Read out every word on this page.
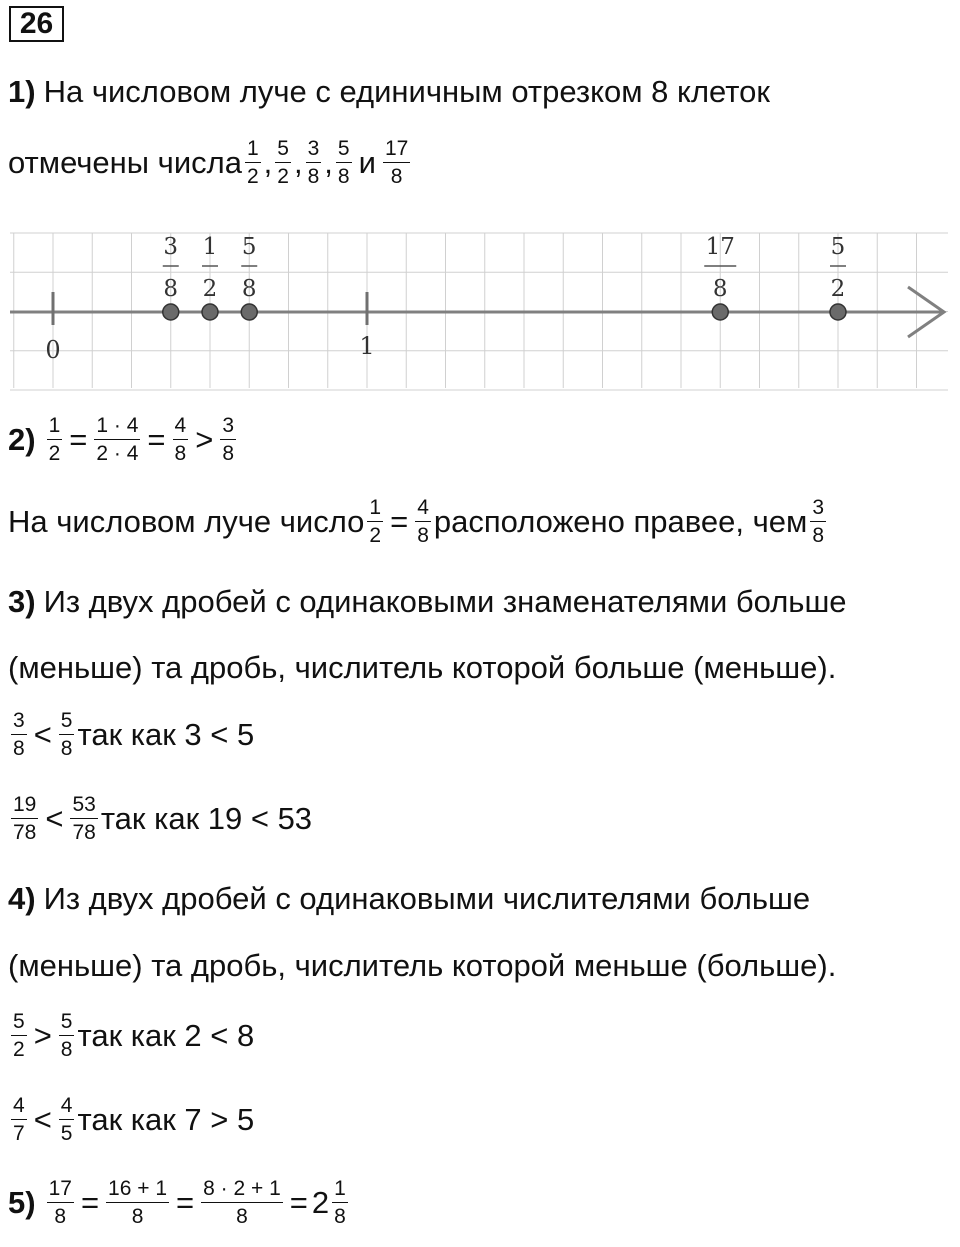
26
1) На числовом луче с единичным отрезком 8 клеток
отмечены числа $\frac{1}{2}$ , $\frac{5}{2}$ , $\frac{3}{8}$ , $\frac{5}{8}$ и $\frac{17}{8}$
0	1
3
8
1
2
5
8
17
8
5
2
$2) \frac{1}{2} = \frac{1 \cdot 4}{2 \cdot 4} = \frac{4}{8} > \frac{3}{8}$
На числовом луче число $\frac{1}{2} = \frac{4}{8}$ расположено правее, чем $\frac{3}{8}$
3) Из двух дробей с одинаковыми знаменателями больше
(меньше) та дробь, числитель которой больше (меньше).
$\frac{3}{8} < \frac{5}{8}$ так как 3 < 5
$\frac{19}{78} < \frac{53}{78}$ так как 19 < 53
4) Из двух дробей с одинаковыми числителями больше
(меньше) та дробь, числитель которой меньше (больше).
$\frac{5}{2} > \frac{5}{8}$ так как 2 < 8
$\frac{4}{7} < \frac{4}{5}$ так как 7 > 5
$5) \frac{17}{8} = \frac{16 + 1}{8} = \frac{8 \cdot 2 + 1}{8} = 2 \frac{1}{8}$
